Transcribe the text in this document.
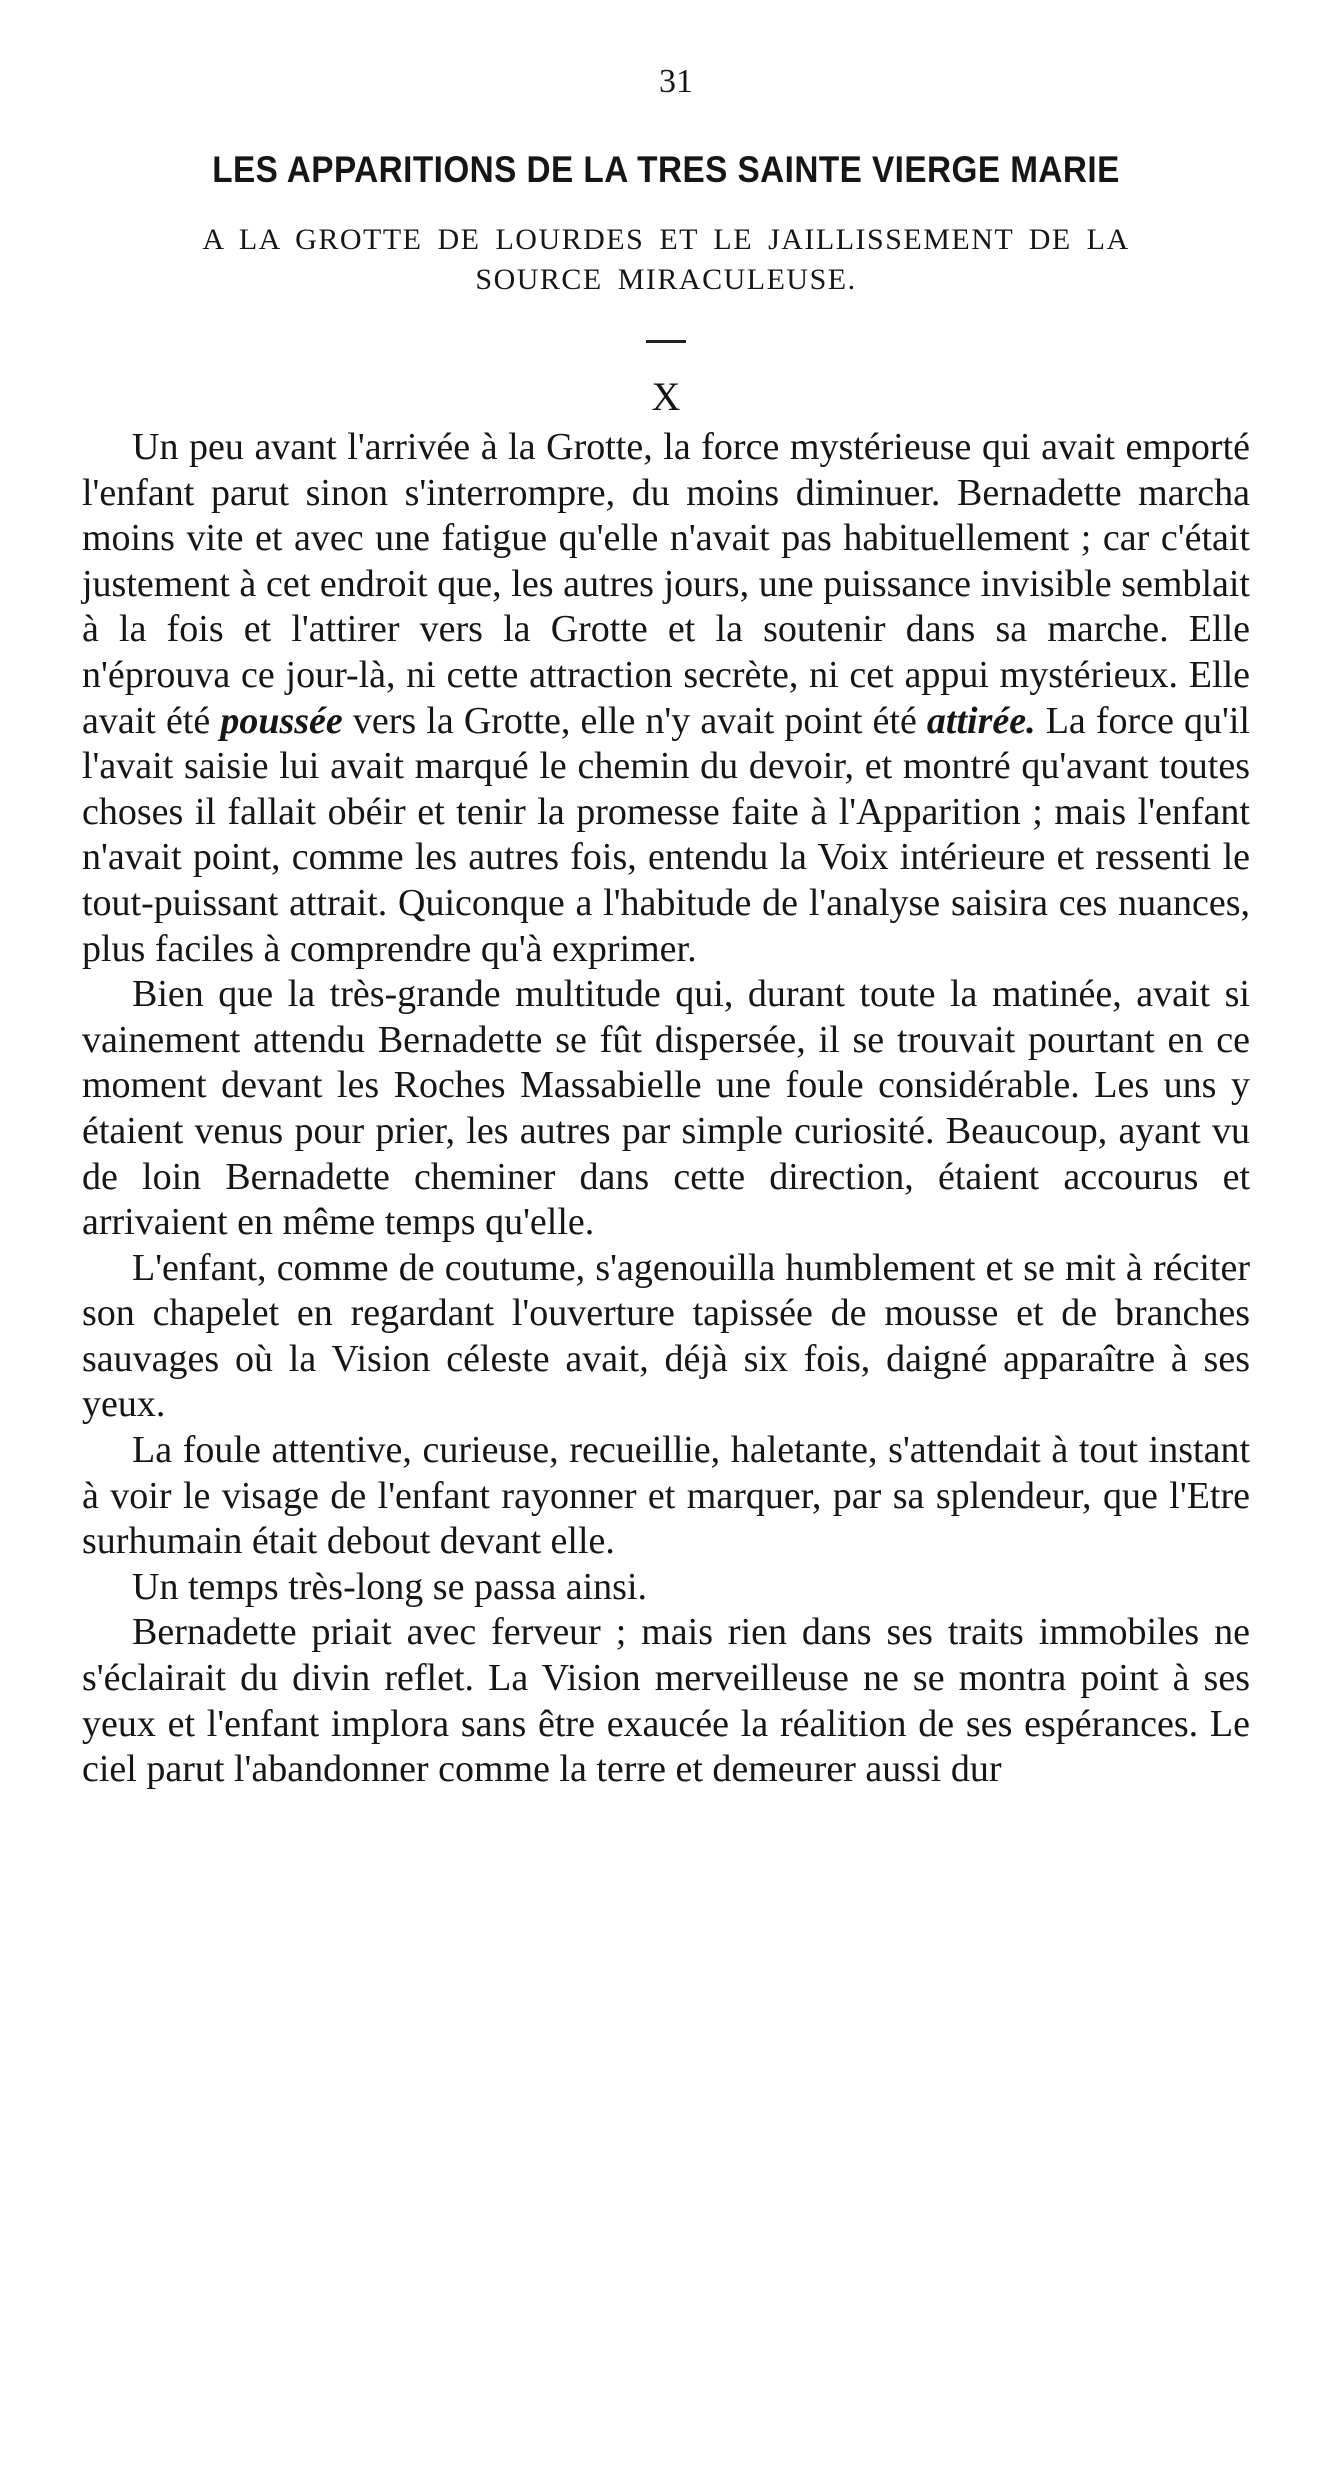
31
LES APPARITIONS DE LA TRES SAINTE VIERGE MARIE
A LA GROTTE DE LOURDES ET LE JAILLISSEMENT DE LA
SOURCE MIRACULEUSE.
X

Un peu avant l'arrivée à la Grotte, la force mystérieuse qui avait emporté l'enfant parut sinon s'interrompre, du moins diminuer. Bernadette marcha moins vite et avec une fatigue qu'elle n'avait pas habituellement ; car c'était justement à cet endroit que, les autres jours, une puissance invisible semblait à la fois et l'attirer vers la Grotte et la soutenir dans sa marche. Elle n'éprouva ce jour-là, ni cette attraction secrète, ni cet appui mystérieux. Elle avait été poussée vers la Grotte, elle n'y avait point été attirée. La force qu'il l'avait saisie lui avait marqué le chemin du devoir, et montré qu'avant toutes choses il fallait obéir et tenir la promesse faite à l'Apparition ; mais l'enfant n'avait point, comme les autres fois, entendu la Voix intérieure et ressenti le tout-puissant attrait. Quiconque a l'habitude de l'analyse saisira ces nuances, plus faciles à comprendre qu'à exprimer.

Bien que la très-grande multitude qui, durant toute la matinée, avait si vainement attendu Bernadette se fût dispersée, il se trouvait pourtant en ce moment devant les Roches Massabielle une foule considérable. Les uns y étaient venus pour prier, les autres par simple curiosité. Beaucoup, ayant vu de loin Bernadette cheminer dans cette direction, étaient accourus et arrivaient en même temps qu'elle.

L'enfant, comme de coutume, s'agenouilla humblement et se mit à réciter son chapelet en regardant l'ouverture tapissée de mousse et de branches sauvages où la Vision céleste avait, déjà six fois, daigné apparaître à ses yeux.

La foule attentive, curieuse, recueillie, haletante, s'attendait à tout instant à voir le visage de l'enfant rayonner et marquer, par sa splendeur, que l'Etre surhumain était debout devant elle.

Un temps très-long se passa ainsi.

Bernadette priait avec ferveur ; mais rien dans ses traits immobiles ne s'éclairait du divin reflet. La Vision merveilleuse ne se montra point à ses yeux et l'enfant implora sans être exaucée la réalition de ses espérances. Le ciel parut l'abandonner comme la terre et demeurer aussi dur
